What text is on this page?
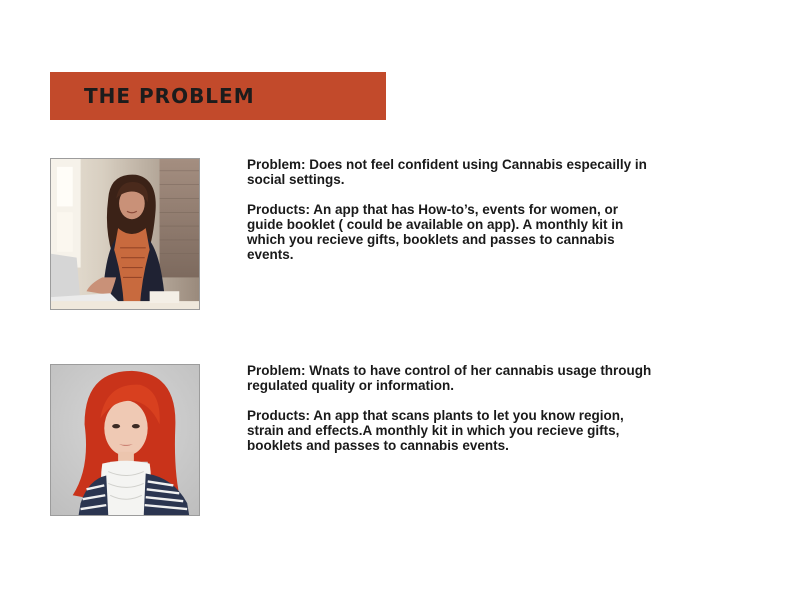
THE PROBLEM

Problem: Does not feel confident using Cannabis especailly in social settings.

Products: An app that has How-to’s, events for women, or guide booklet ( could be available on app). A monthly kit in which you recieve gifts, booklets and passes to cannabis events.

Problem: Wnats to have control of her cannabis usage through regulated quality or information.

Products: An app that scans plants to let you know region, strain and effects.A monthly kit in which you recieve gifts, booklets and passes to cannabis events.
